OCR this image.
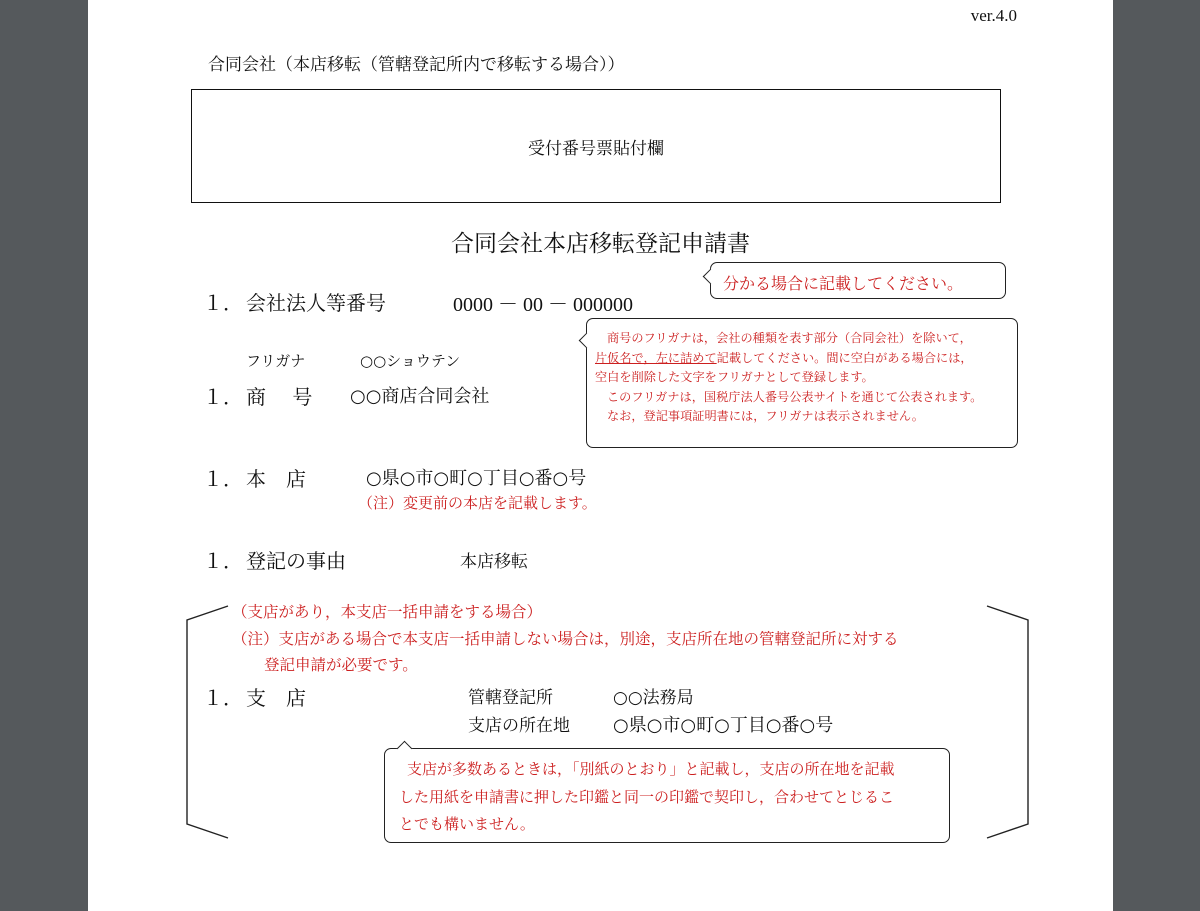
ver.4.0
合同会社（本店移転（管轄登記所内で移転する場合））
受付番号票貼付欄
合同会社本店移転登記申請書
１． 会社法人等番号	0000 － 00 － 000000
分かる場合に記載してください。
フリガナ	○○ショウテン
１． 商　 号 ○○商店合同会社
商号のフリガナは，会社の種類を表す部分（合同会社）を除いて，
片仮名で，左に詰めて記載してください。間に空白がある場合には，
空白を削除した文字をフリガナとして登録します。
このフリガナは，国税庁法人番号公表サイトを通じて公表されます。
なお，登記事項証明書には，フリガナは表示されません。
１． 本　店	○県○市○町○丁目○番○号
（注）変更前の本店を記載します。
１． 登記の事由	本店移転
（支店があり，本支店一括申請をする場合）
（注）支店がある場合で本支店一括申請しない場合は，別途，支店所在地の管轄登記所に対する
登記申請が必要です。
１． 支　店	管轄登記所	○○法務局
支店の所在地 ○県○市○町○丁目○番○号
支店が多数あるときは，「別紙のとおり」と記載し，支店の所在地を記載
した用紙を申請書に押した印鑑と同一の印鑑で契印し，合わせてとじるこ
とでも構いません。
